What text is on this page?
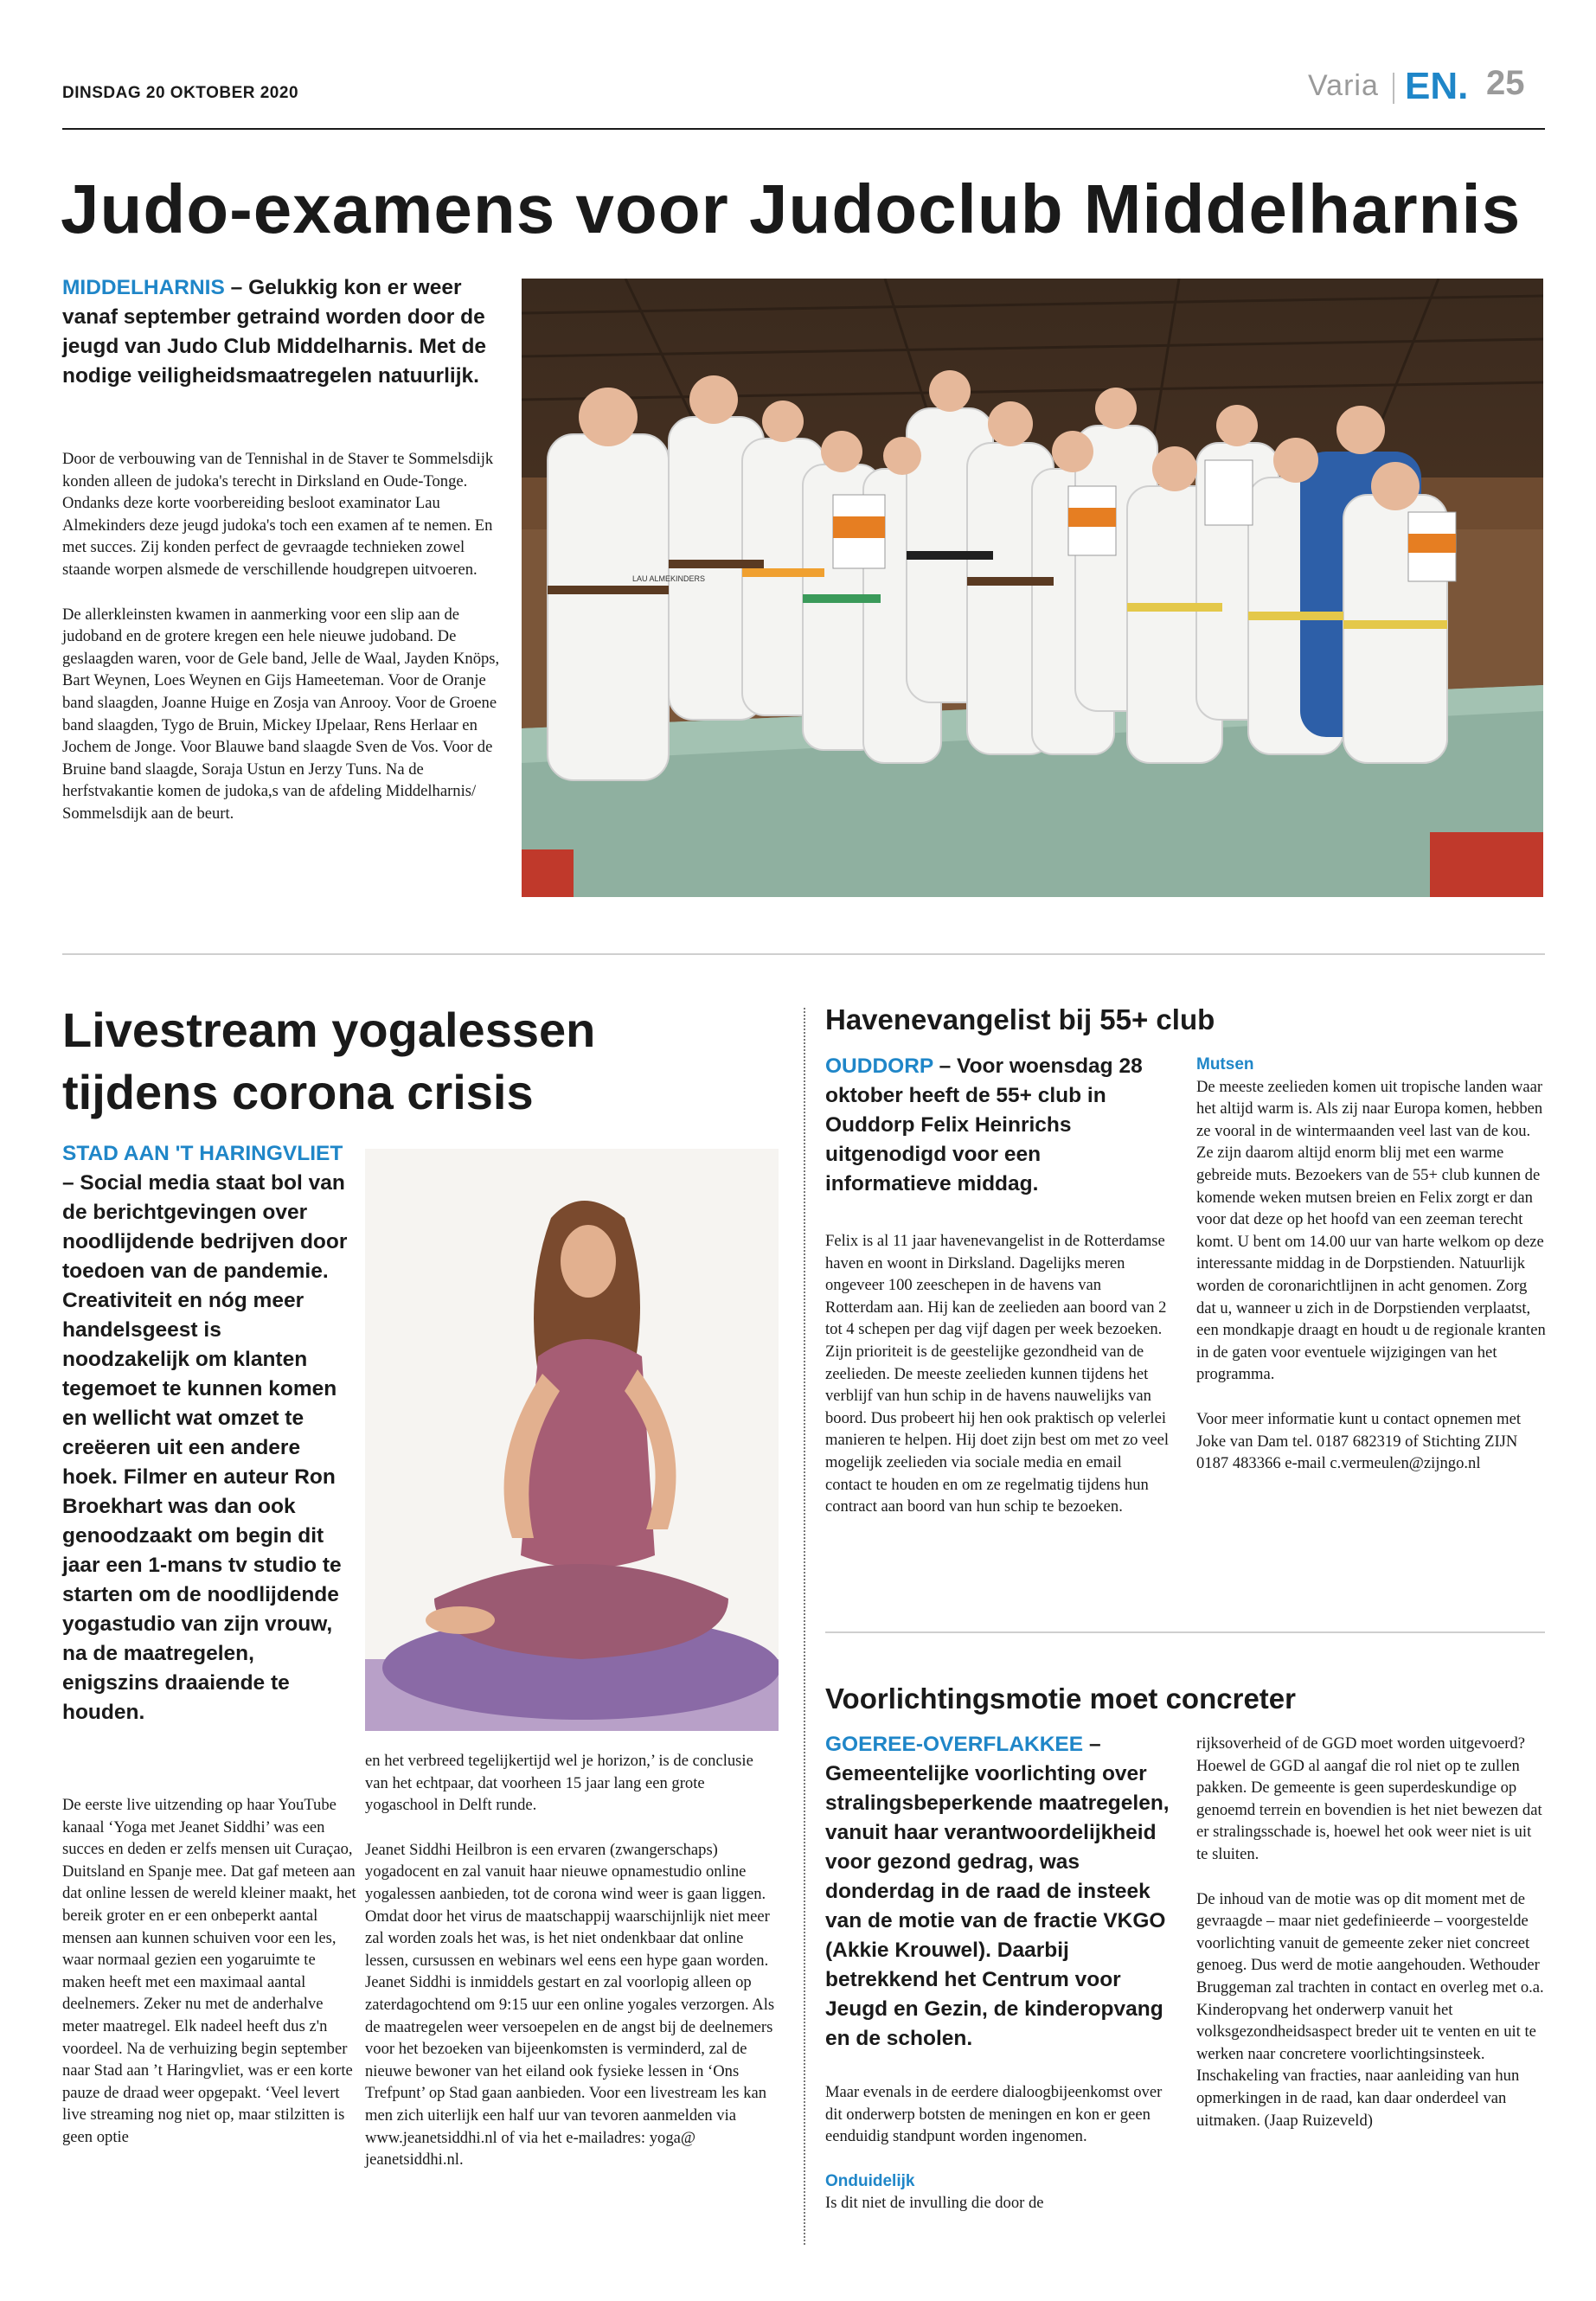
DINSDAG 20 OKTOBER 2020	Varia EN. 25
Judo-examens voor Judoclub Middelharnis
MIDDELHARNIS – Gelukkig kon er weer vanaf september getraind worden door de jeugd van Judo Club Middelharnis. Met de nodige veiligheidsmaatregelen natuurlijk.

Door de verbouwing van de Tennishal in de Staver te Sommelsdijk konden alleen de judoka's terecht in Dirksland en Oude-Tonge. Ondanks deze korte voorbereiding besloot examinator Lau Almekinders deze jeugd judoka's toch een examen af te nemen. En met succes. Zij konden perfect de gevraagde technieken zowel staande worpen alsmede de verschillende houdgrepen uitvoeren.

De allerkleinsten kwamen in aanmerking voor een slip aan de judoband en de grotere kregen een hele nieuwe judoband. De geslaagden waren, voor de Gele band, Jelle de Waal, Jayden Knöps, Bart Weynen, Loes Weynen en Gijs Hameeteman. Voor de Oranje band slaagden, Joanne Huige en Zosja van Anrooy. Voor de Groene band slaagden, Tygo de Bruin, Mickey IJpelaar, Rens Herlaar en Jochem de Jonge. Voor Blauwe band slaagde Sven de Vos. Voor de Bruine band slaagde, Soraja Ustun en Jerzy Tuns. Na de herfstvakantie komen de judoka,s van de afdeling Middelharnis/ Sommelsdijk aan de beurt.

LAU ALMEKINDERS
Livestream yogalessen tijdens corona crisis
STAD AAN 'T HARINGVLIET – Social media staat bol van de berichtgevingen over noodlijdende bedrijven door toedoen van de pandemie. Creativiteit en nóg meer handelsgeest is noodzakelijk om klanten tegemoet te kunnen komen en wellicht wat omzet te creëeren uit een andere hoek. Filmer en auteur Ron Broekhart was dan ook genoodzaakt om begin dit jaar een 1-mans tv studio te starten om de noodlijdende yogastudio van zijn vrouw, na de maatregelen, enigszins draaiende te houden.

De eerste live uitzending op haar YouTube kanaal ‘Yoga met Jeanet Siddhi’ was een succes en deden er zelfs mensen uit Curaçao, Duitsland en Spanje mee. Dat gaf meteen aan dat online lessen de wereld kleiner maakt, het bereik groter en er een onbeperkt aantal mensen aan kunnen schuiven voor een les, waar normaal gezien een yogaruimte te maken heeft met een maximaal aantal deelnemers. Zeker nu met de anderhalve meter maatregel. Elk nadeel heeft dus z'n voordeel. Na de verhuizing begin september naar Stad aan ’t Haringvliet, was er een korte pauze de draad weer opgepakt. ‘Veel levert live streaming nog niet op, maar stilzitten is geen optie

en het verbreed tegelijkertijd wel je horizon,’ is de conclusie van het echtpaar, dat voorheen 15 jaar lang een grote yogaschool in Delft runde.

Jeanet Siddhi Heilbron is een ervaren (zwangerschaps) yogadocent en zal vanuit haar nieuwe opnamestudio online yogalessen aanbieden, tot de corona wind weer is gaan liggen. Omdat door het virus de maatschappij waarschijnlijk niet meer zal worden zoals het was, is het niet ondenkbaar dat online lessen, cursussen en webinars wel eens een hype gaan worden. Jeanet Siddhi is inmiddels gestart en zal voorlopig alleen op zaterdagochtend om 9:15 uur een online yogales verzorgen. Als de maatregelen weer versoepelen en de angst bij de deelnemers voor het bezoeken van bijeenkomsten is verminderd, zal de nieuwe bewoner van het eiland ook fysieke lessen in ‘Ons Trefpunt’ op Stad gaan aanbieden. Voor een livestream les kan men zich uiterlijk een half uur van tevoren aanmelden via www.jeanetsiddhi.nl of via het e-mailadres: yoga@ jeanetsiddhi.nl.

Havenevangelist bij 55+ club
OUDDORP – Voor woensdag 28 oktober heeft de 55+ club in Ouddorp Felix Heinrichs uitgenodigd voor een informatieve middag.

Felix is al 11 jaar havenevangelist in de Rotterdamse haven en woont in Dirksland. Dagelijks meren ongeveer 100 zeeschepen in de havens van Rotterdam aan. Hij kan de zeelieden aan boord van 2 tot 4 schepen per dag vijf dagen per week bezoeken. Zijn prioriteit is de geestelijke gezondheid van de zeelieden. De meeste zeelieden kunnen tijdens het verblijf van hun schip in de havens nauwelijks van boord. Dus probeert hij hen ook praktisch op velerlei manieren te helpen. Hij doet zijn best om met zo veel mogelijk zeelieden via sociale media en email contact te houden en om ze regelmatig tijdens hun contract aan boord van hun schip te bezoeken.

Mutsen

De meeste zeelieden komen uit tropische landen waar het altijd warm is. Als zij naar Europa komen, hebben ze vooral in de wintermaanden veel last van de kou. Ze zijn daarom altijd enorm blij met een warme gebreide muts. Bezoekers van de 55+ club kunnen de komende weken mutsen breien en Felix zorgt er dan voor dat deze op het hoofd van een zeeman terecht komt. U bent om 14.00 uur van harte welkom op deze interessante middag in de Dorpstienden. Natuurlijk worden de coronarichtlijnen in acht genomen. Zorg dat u, wanneer u zich in de Dorpstienden verplaatst, een mondkapje draagt en houdt u de regionale kranten in de gaten voor eventuele wijzigingen van het programma.

Voor meer informatie kunt u contact opnemen met Joke van Dam tel. 0187 682319 of Stichting ZIJN 0187 483366 e-mail c.vermeulen@zijngo.nl

Voorlichtingsmotie moet concreter
GOEREE-OVERFLAKKEE – Gemeentelijke voorlichting over stralingsbeperkende maatregelen, vanuit haar verantwoordelijkheid voor gezond gedrag, was donderdag in de raad de insteek van de motie van de fractie VKGO (Akkie Krouwel). Daarbij betrekkend het Centrum voor Jeugd en Gezin, de kinderopvang en de scholen.

Maar evenals in de eerdere dialoogbijeenkomst over dit onderwerp botsten de meningen en kon er geen eenduidig standpunt worden ingenomen.

Onduidelijk
Is dit niet de invulling die door de

rijksoverheid of de GGD moet worden uitgevoerd? Hoewel de GGD al aangaf die rol niet op te zullen pakken. De gemeente is geen superdeskundige op genoemd terrein en bovendien is het niet bewezen dat er stralingsschade is, hoewel het ook weer niet is uit te sluiten.

De inhoud van de motie was op dit moment met de gevraagde – maar niet gedefinieerde – voorgestelde voorlichting vanuit de gemeente zeker niet concreet genoeg. Dus werd de motie aangehouden. Wethouder Bruggeman zal trachten in contact en overleg met o.a. Kinderopvang het onderwerp vanuit het volksgezondheidsaspect breder uit te venten en uit te werken naar concretere voorlichtingsinsteek. Inschakeling van fracties, naar aanleiding van hun opmerkingen in de raad, kan daar onderdeel van uitmaken. (Jaap Ruizeveld)
